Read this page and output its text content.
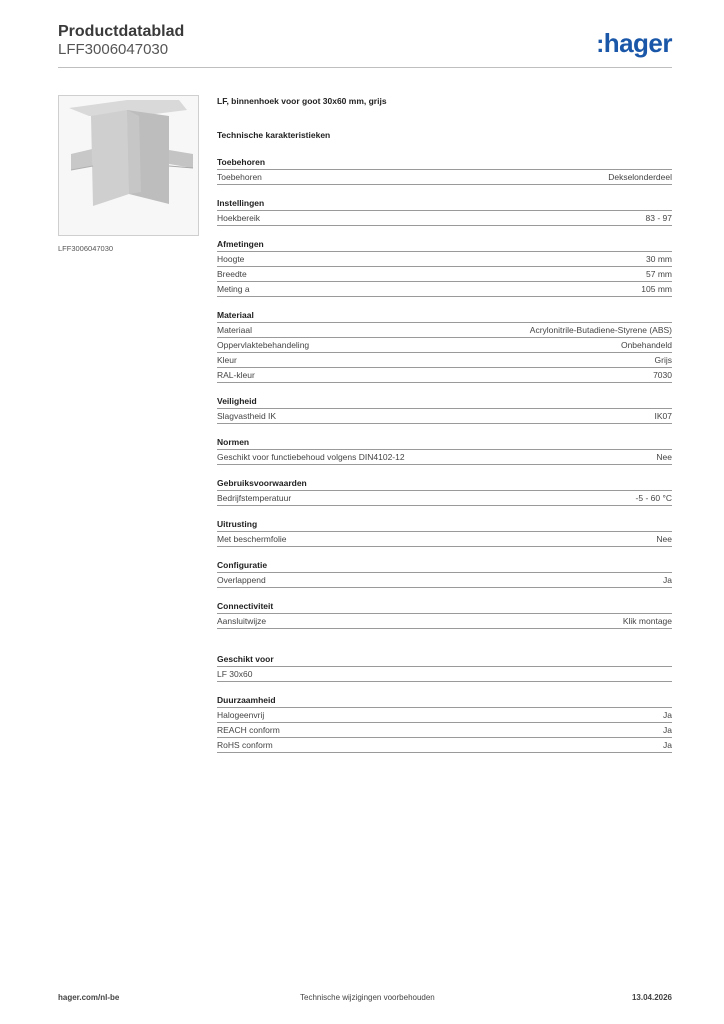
Productdatablad
LFF3006047030	:hager
LFF3006047030
LF, binnenhoek voor goot 30x60 mm, grijs
Technische karakteristieken
Toebehoren
Toebehoren	Dekselonderdeel
Instellingen
Hoekbereik	83 - 97
Afmetingen
Hoogte	30 mm
Breedte	57 mm
Meting a	105 mm
Materiaal
Materiaal	Acrylonitrile-Butadiene-Styrene (ABS)
Oppervlaktebehandeling	Onbehandeld
Kleur	Grijs
RAL-kleur	7030
Veiligheid
Slagvastheid IK	IK07
Normen
Geschikt voor functiebehoud volgens DIN4102-12	Nee
Gebruiksvoorwaarden
Bedrijfstemperatuur	-5 - 60 °C
Uitrusting
Met beschermfolie	Nee
Configuratie
Overlappend	Ja
Connectiviteit
Aansluitwijze	Klik montage
Geschikt voor
LF 30x60
Duurzaamheid
Halogeenvrij	Ja
REACH conform	Ja
RoHS conform	Ja
hager.com/nl-be	Technische wijzigingen voorbehouden	13.04.2026
